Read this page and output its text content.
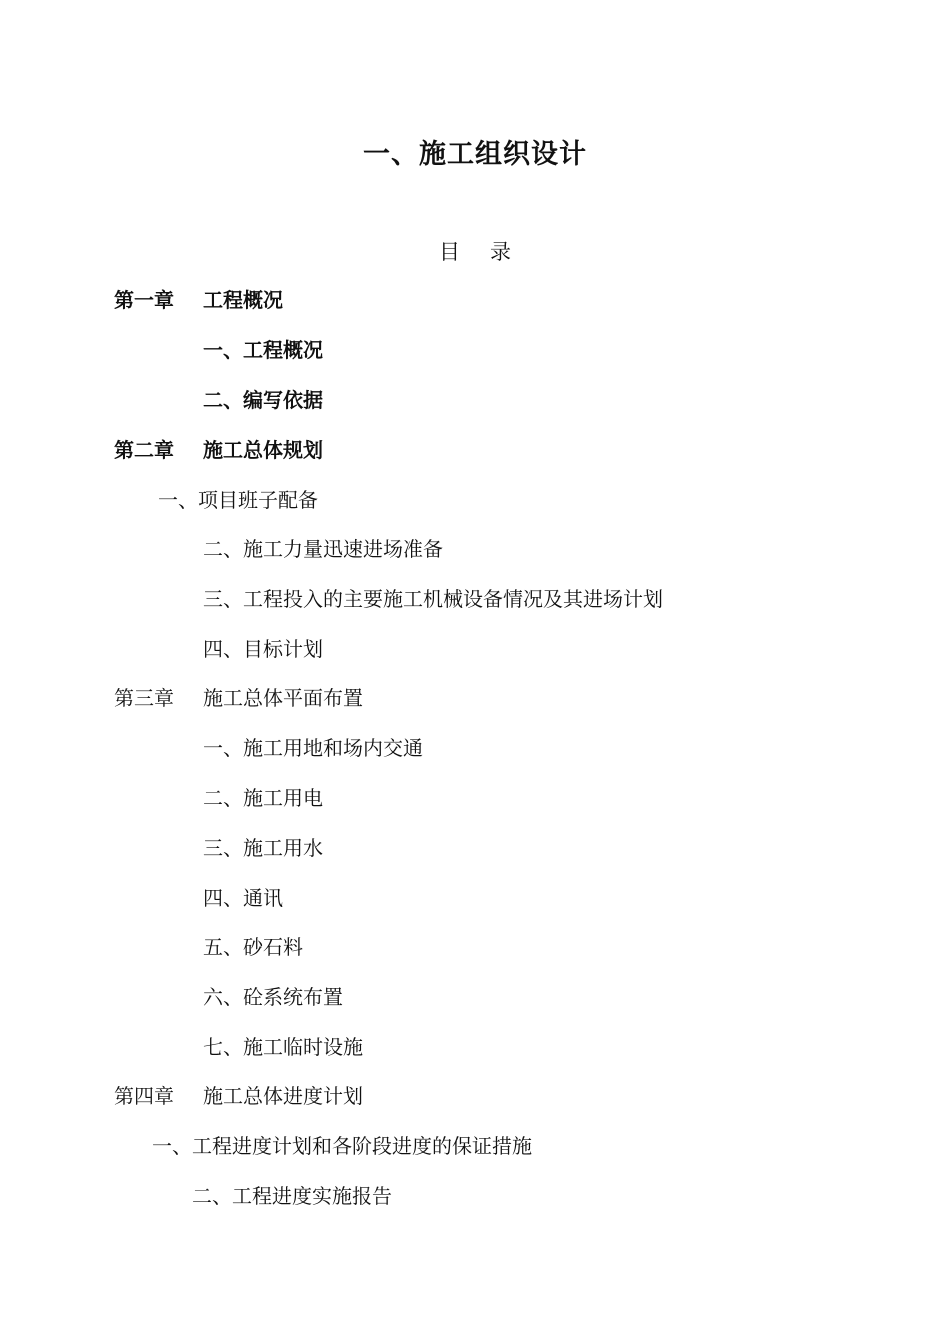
一、施工组织设计
目 录
第一章 工程概况
一、工程概况
二、编写依据
第二章 施工总体规划
一、项目班子配备
二、施工力量迅速进场准备
三、工程投入的主要施工机械设备情况及其进场计划
四、目标计划
第三章 施工总体平面布置
一、施工用地和场内交通
二、施工用电
三、施工用水
四、通讯
五、砂石料
六、砼系统布置
七、施工临时设施
第四章 施工总体进度计划
一、工程进度计划和各阶段进度的保证措施
二、工程进度实施报告
